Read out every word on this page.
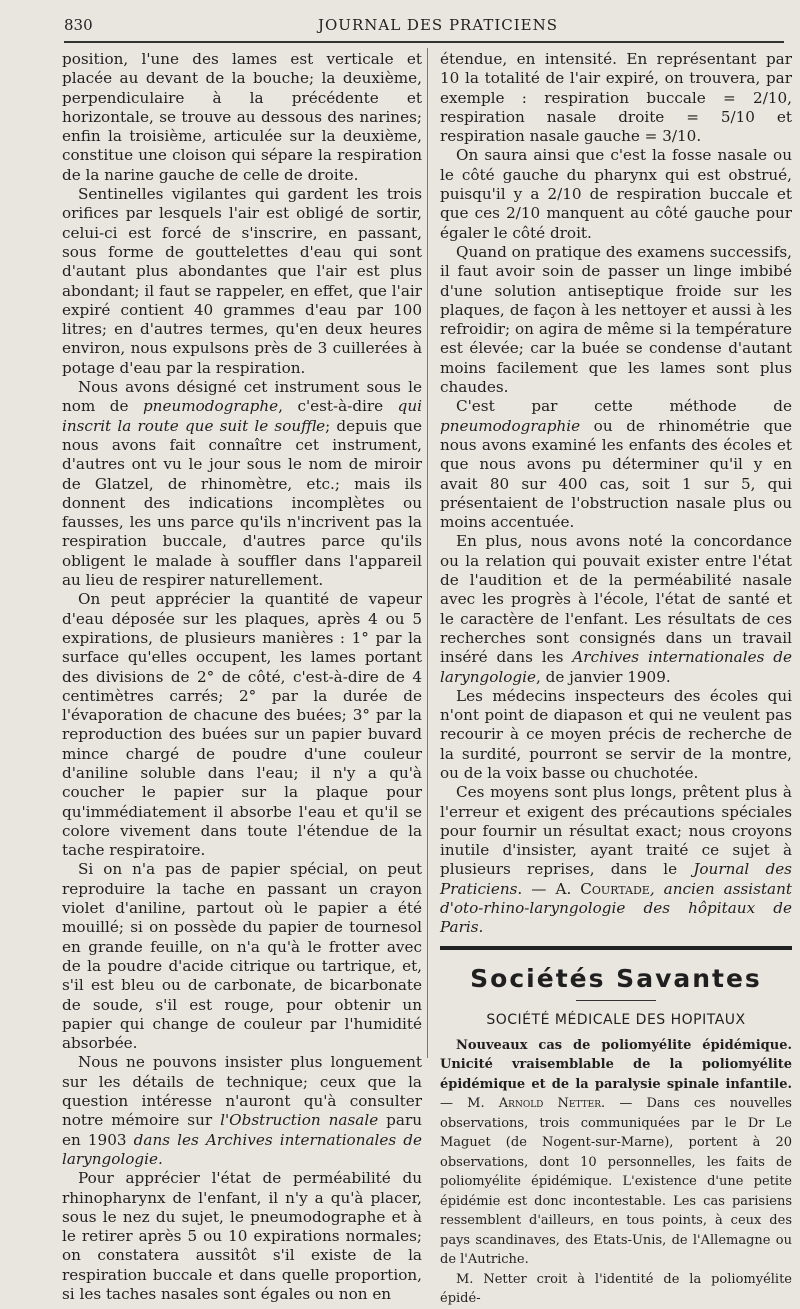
830	JOURNAL DES PRATICIENS

position, l'une des lames est verticale et placée au devant de la bouche; la deuxième, perpendiculaire à la précédente et horizontale, se trouve au dessous des narines; enfin la troisième, articulée sur la deuxième, constitue une cloison qui sépare la respiration de la narine gauche de celle de droite.

Sentinelles vigilantes qui gardent les trois orifices par lesquels l'air est obligé de sortir, celui-ci est forcé de s'inscrire, en passant, sous forme de gouttelettes d'eau qui sont d'autant plus abondantes que l'air est plus abondant; il faut se rappeler, en effet, que l'air expiré contient 40 grammes d'eau par 100 litres; en d'autres termes, qu'en deux heures environ, nous expulsons près de 3 cuillerées à potage d'eau par la respiration.

Nous avons désigné cet instrument sous le nom de pneumodographe, c'est-à-dire qui inscrit la route que suit le souffle; depuis que nous avons fait connaître cet instrument, d'autres ont vu le jour sous le nom de miroir de Glatzel, de rhinomètre, etc.; mais ils donnent des indications incomplètes ou fausses, les uns parce qu'ils n'incrivent pas la respiration buccale, d'autres parce qu'ils obligent le malade à souffler dans l'appareil au lieu de respirer naturellement.

On peut apprécier la quantité de vapeur d'eau déposée sur les plaques, après 4 ou 5 expirations, de plusieurs manières : 1° par la surface qu'elles occupent, les lames portant des divisions de 2° de côté, c'est-à-dire de 4 centimètres carrés; 2° par la durée de l'évaporation de chacune des buées; 3° par la reproduction des buées sur un papier buvard mince chargé de poudre d'une couleur d'aniline soluble dans l'eau; il n'y a qu'à coucher le papier sur la plaque pour qu'immédiatement il absorbe l'eau et qu'il se colore vivement dans toute l'étendue de la tache respiratoire.

Si on n'a pas de papier spécial, on peut reproduire la tache en passant un crayon violet d'aniline, partout où le papier a été mouillé; si on possède du papier de tournesol en grande feuille, on n'a qu'à le frotter avec de la poudre d'acide citrique ou tartrique, et, s'il est bleu ou de carbonate, de bicarbonate de soude, s'il est rouge, pour obtenir un papier qui change de couleur par l'humidité absorbée.

Nous ne pouvons insister plus longuement sur les détails de technique; ceux que la question intéresse n'auront qu'à consulter notre mémoire sur l'Obstruction nasale paru en 1903 dans les Archives internationales de laryngologie.

Pour apprécier l'état de perméabilité du rhinopharynx de l'enfant, il n'y a qu'à placer, sous le nez du sujet, le pneumodographe et à le retirer après 5 ou 10 expirations normales; on constatera aussitôt s'il existe de la respiration buccale et dans quelle proportion, si les taches nasales sont égales ou non en

étendue, en intensité. En représentant par 10 la totalité de l'air expiré, on trouvera, par exemple : respiration buccale = 2/10, respiration nasale droite = 5/10 et respiration nasale gauche = 3/10.

On saura ainsi que c'est la fosse nasale ou le côté gauche du pharynx qui est obstrué, puisqu'il y a 2/10 de respiration buccale et que ces 2/10 manquent au côté gauche pour égaler le côté droit.

Quand on pratique des examens successifs, il faut avoir soin de passer un linge imbibé d'une solution antiseptique froide sur les plaques, de façon à les nettoyer et aussi à les refroidir; on agira de même si la température est élevée; car la buée se condense d'autant moins facilement que les lames sont plus chaudes.

C'est par cette méthode de pneumodographie ou de rhinométrie que nous avons examiné les enfants des écoles et que nous avons pu déterminer qu'il y en avait 80 sur 400 cas, soit 1 sur 5, qui présentaient de l'obstruction nasale plus ou moins accentuée.

En plus, nous avons noté la concordance ou la relation qui pouvait exister entre l'état de l'audition et de la perméabilité nasale avec les progrès à l'école, l'état de santé et le caractère de l'enfant. Les résultats de ces recherches sont consignés dans un travail inséré dans les Archives internationales de laryngologie, de janvier 1909.

Les médecins inspecteurs des écoles qui n'ont point de diapason et qui ne veulent pas recourir à ce moyen précis de recherche de la surdité, pourront se servir de la montre, ou de la voix basse ou chuchotée.

Ces moyens sont plus longs, prêtent plus à l'erreur et exigent des précautions spéciales pour fournir un résultat exact; nous croyons inutile d'insister, ayant traité ce sujet à plusieurs reprises, dans le Journal des Praticiens. — A. Courtade, ancien assistant d'oto-rhino-laryngologie des hôpitaux de Paris.

Sociétés Savantes
SOCIÉTÉ MÉDICALE DES HOPITAUX

Nouveaux cas de poliomyélite épidémique. Unicité vraisemblable de la poliomyélite épidémique et de la paralysie spinale infantile. — M. Arnold Netter. — Dans ces nouvelles observations, trois communiquées par le Dr Le Maguet (de Nogent-sur-Marne), portent à 20 observations, dont 10 personnelles, les faits de poliomyélite épidémique. L'existence d'une petite épidémie est donc incontestable. Les cas parisiens ressemblent d'ailleurs, en tous points, à ceux des pays scandinaves, des Etats-Unis, de l'Allemagne ou de l'Autriche.

M. Netter croit à l'identité de la poliomyélite épidé-
